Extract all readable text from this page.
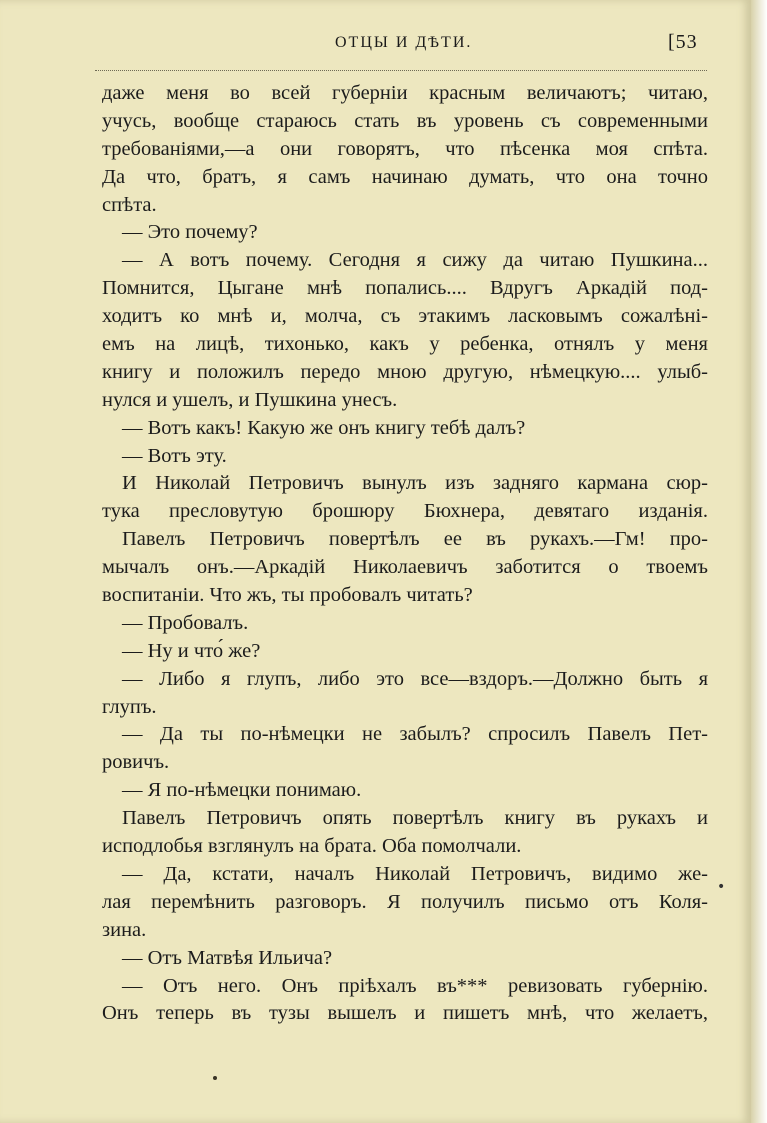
ОТЦЫ И ДѢТИ.	[53
даже меня во всей губерніи красным величаютъ; читаю,
учусь, вообще стараюсь стать въ уровень съ современными
требованіями,—а они говорятъ, что пѣсенка моя спѣта.
Да что, братъ, я самъ начинаю думать, что она точно
спѣта.
— Это почему?
— А вотъ почему. Сегодня я сижу да читаю Пушкина...
Помнится, Цыгане мнѣ попались.... Вдругъ Аркадій под-
ходитъ ко мнѣ и, молча, съ этакимъ ласковымъ сожалѣні-
емъ на лицѣ, тихонько, какъ у ребенка, отнялъ у меня
книгу и положилъ передо мною другую, нѣмецкую.... улыб-
нулся и ушелъ, и Пушкина унесъ.
— Вотъ какъ! Какую же онъ книгу тебѣ далъ?
— Вотъ эту.
И Николай Петровичъ вынулъ изъ задняго кармана сюр-
тука пресловутую брошюру Бюхнера, девятаго изданія.
Павелъ Петровичъ повертѣлъ ее въ рукахъ.—Гм! про-
мычалъ онъ.—Аркадій Николаевичъ заботится о твоемъ
воспитаніи. Что жъ, ты пробовалъ читать?
— Пробовалъ.
— Ну и что́ же?
— Либо я глупъ, либо это все—вздоръ.—Должно быть я
глупъ.
— Да ты по-нѣмецки не забылъ? спросилъ Павелъ Пет-
ровичъ.
— Я по-нѣмецки понимаю.
Павелъ Петровичъ опять повертѣлъ книгу въ рукахъ и
исподлобья взглянулъ на брата. Оба помолчали.
— Да, кстати, началъ Николай Петровичъ, видимо же-
лая перемѣнить разговоръ. Я получилъ письмо отъ Коля-
зина.
— Отъ Матвѣя Ильича?
— Отъ него. Онъ пріѣхалъ въ*** ревизовать губернію.
Онъ теперь въ тузы вышелъ и пишетъ мнѣ, что желаетъ,
•
